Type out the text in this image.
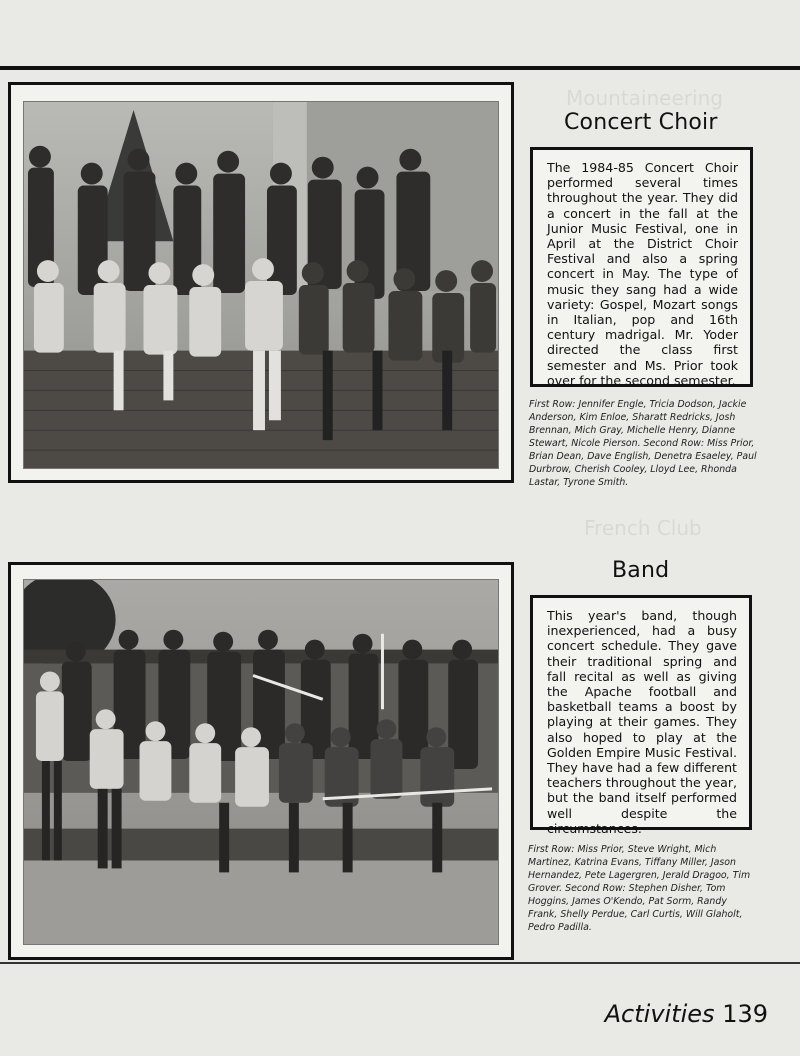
Mountaineering
Concert Choir
The 1984-85 Concert Choir performed several times throughout the year. They did a concert in the fall at the Junior Music Festival, one in April at the District Choir Festival and also a spring concert in May. The type of music they sang had a wide variety: Gospel, Mozart songs in Italian, pop and 16th century madrigal. Mr. Yoder directed the class first semester and Ms. Prior took over for the second semester.
First Row: Jennifer Engle, Tricia Dodson, Jackie Anderson, Kim Enloe, Sharatt Redricks, Josh Brennan, Mich Gray, Michelle Henry, Dianne Stewart, Nicole Pierson. Second Row: Miss Prior, Brian Dean, Dave English, Denetra Esaeley, Paul Durbrow, Cherish Cooley, Lloyd Lee, Rhonda Lastar, Tyrone Smith.
French Club
Band
This year's band, though inexperienced, had a busy concert schedule. They gave their traditional spring and fall recital as well as giving the Apache football and basketball teams a boost by playing at their games. They also hoped to play at the Golden Empire Music Festival. They have had a few different teachers throughout the year, but the band itself performed well despite the circumstances.
First Row: Miss Prior, Steve Wright, Mich Martinez, Katrina Evans, Tiffany Miller, Jason Hernandez, Pete Lagergren, Jerald Dragoo, Tim Grover. Second Row: Stephen Disher, Tom Hoggins, James O'Kendo, Pat Sorm, Randy Frank, Shelly Perdue, Carl Curtis, Will Glaholt, Pedro Padilla.
Activities 139
